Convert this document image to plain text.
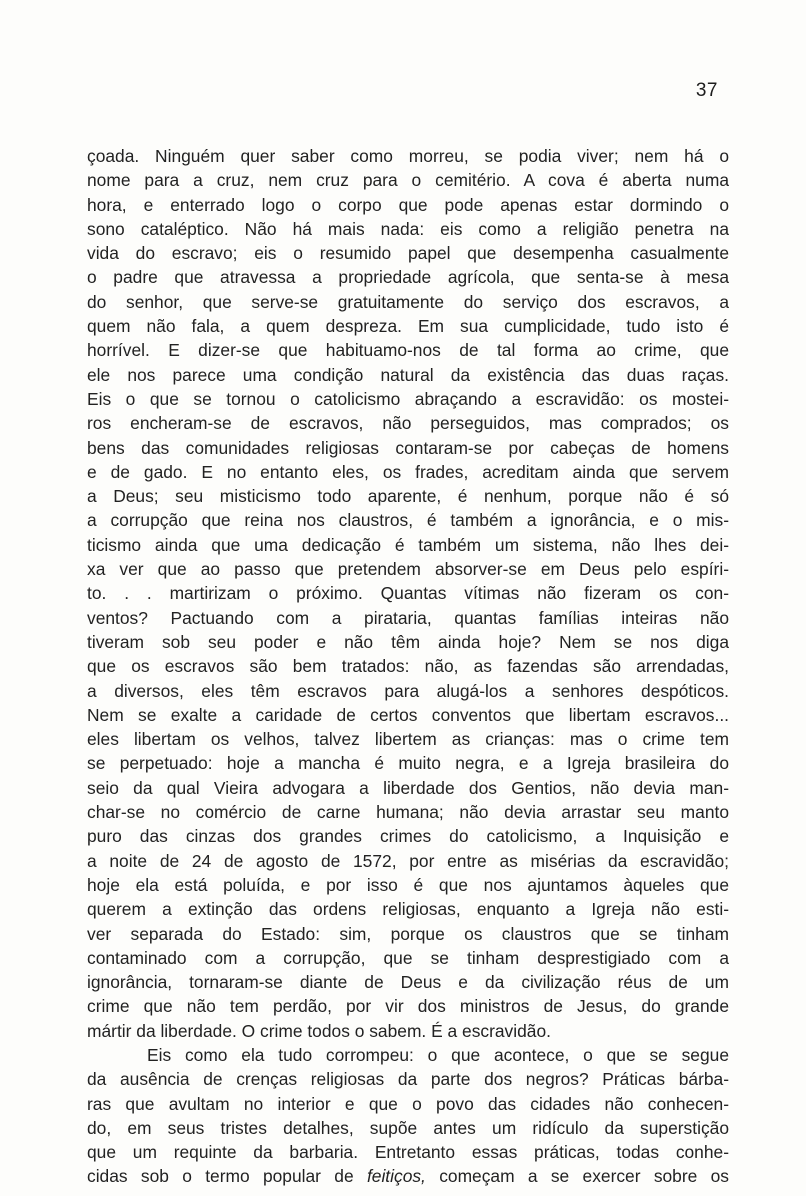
37
çoada. Ninguém quer saber como morreu, se podia viver; nem há o
nome para a cruz, nem cruz para o cemitério. A cova é aberta numa
hora, e enterrado logo o corpo que pode apenas estar dormindo o
sono cataléptico. Não há mais nada: eis como a religião penetra na
vida do escravo; eis o resumido papel que desempenha casualmente
o padre que atravessa a propriedade agrícola, que senta-se à mesa
do senhor, que serve-se gratuitamente do serviço dos escravos, a
quem não fala, a quem despreza. Em sua cumplicidade, tudo isto é
horrível. E dizer-se que habituamo-nos de tal forma ao crime, que
ele nos parece uma condição natural da existência das duas raças.
Eis o que se tornou o catolicismo abraçando a escravidão: os mostei-
ros encheram-se de escravos, não perseguidos, mas comprados; os
bens das comunidades religiosas contaram-se por cabeças de homens
e de gado. E no entanto eles, os frades, acreditam ainda que servem
a Deus; seu misticismo todo aparente, é nenhum, porque não é só
a corrupção que reina nos claustros, é também a ignorância, e o mis-
ticismo ainda que uma dedicação é também um sistema, não lhes dei-
xa ver que ao passo que pretendem absorver-se em Deus pelo espíri-
to. . . martirizam o próximo. Quantas vítimas não fizeram os con-
ventos? Pactuando com a pirataria, quantas famílias inteiras não
tiveram sob seu poder e não têm ainda hoje? Nem se nos diga
que os escravos são bem tratados: não, as fazendas são arrendadas,
a diversos, eles têm escravos para alugá-los a senhores despóticos.
Nem se exalte a caridade de certos conventos que libertam escravos...
eles libertam os velhos, talvez libertem as crianças: mas o crime tem
se perpetuado: hoje a mancha é muito negra, e a Igreja brasileira do
seio da qual Vieira advogara a liberdade dos Gentios, não devia man-
char-se no comércio de carne humana; não devia arrastar seu manto
puro das cinzas dos grandes crimes do catolicismo, a Inquisição e
a noite de 24 de agosto de 1572, por entre as misérias da escravidão;
hoje ela está poluída, e por isso é que nos ajuntamos àqueles que
querem a extinção das ordens religiosas, enquanto a Igreja não esti-
ver separada do Estado: sim, porque os claustros que se tinham
contaminado com a corrupção, que se tinham desprestigiado com a
ignorância, tornaram-se diante de Deus e da civilização réus de um
crime que não tem perdão, por vir dos ministros de Jesus, do grande
mártir da liberdade. O crime todos o sabem. É a escravidão.
Eis como ela tudo corrompeu: o que acontece, o que se segue
da ausência de crenças religiosas da parte dos negros? Práticas bárba-
ras que avultam no interior e que o povo das cidades não conhecen-
do, em seus tristes detalhes, supõe antes um ridículo da superstição
que um requinte da barbaria. Entretanto essas práticas, todas conhe-
cidas sob o termo popular de feitiços, começam a se exercer sobre os
